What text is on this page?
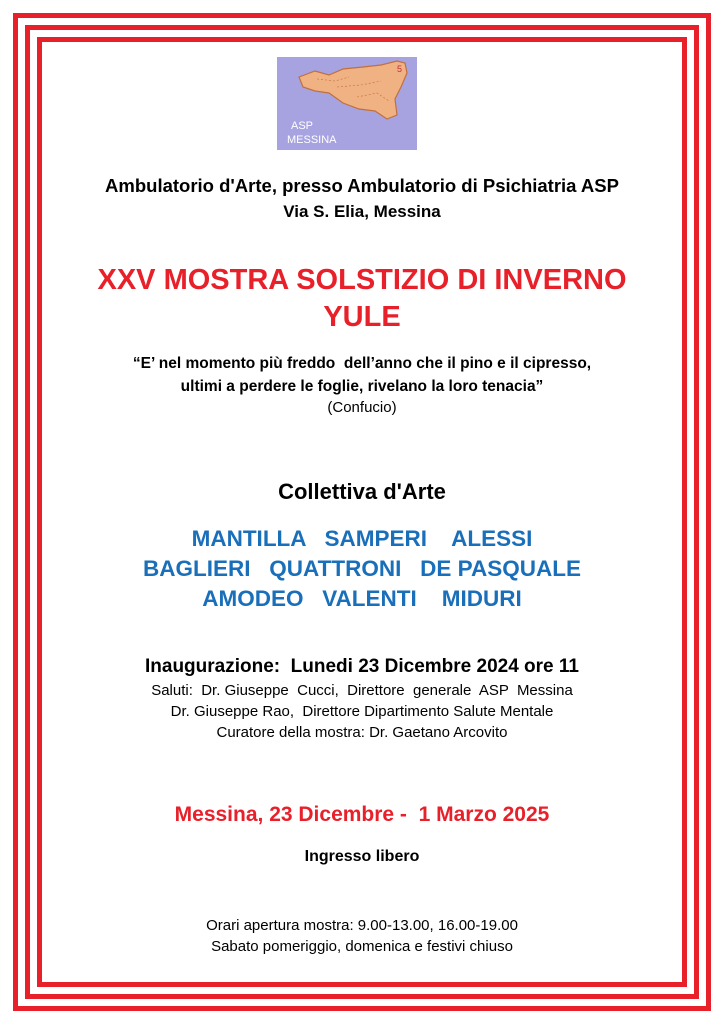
5
ASP
MESSINA
Ambulatorio d'Arte, presso Ambulatorio di Psichiatria ASP
Via S. Elia, Messina
XXV MOSTRA SOLSTIZIO DI INVERNO
YULE
“E’ nel momento più freddo  dell’anno che il pino e il cipresso,
ultimi a perdere le foglie, rivelano la loro tenacia”
(Confucio)
Collettiva d'Arte
MANTILLA   SAMPERI    ALESSI
BAGLIERI   QUATTRONI   DE PASQUALE
AMODEO   VALENTI    MIDURI
Inaugurazione:  Lunedi 23 Dicembre 2024 ore 11
Saluti:  Dr. Giuseppe  Cucci,  Direttore  generale  ASP  Messina
Dr. Giuseppe Rao,  Direttore Dipartimento Salute Mentale
Curatore della mostra: Dr. Gaetano Arcovito
Messina, 23 Dicembre -  1 Marzo 2025
Ingresso libero
Orari apertura mostra: 9.00-13.00, 16.00-19.00
Sabato pomeriggio, domenica e festivi chiuso
